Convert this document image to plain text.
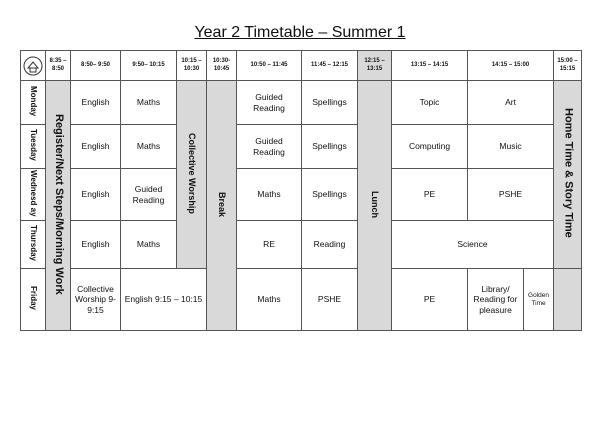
Year 2 Timetable – Summer 1
	8:35 – 8:50	8:50– 9:50	9:50– 10:15	10:15 – 10:30	10:30- 10:45	10:50 – 11:45	11:45 – 12:15	12:15 – 13:15	13:15 – 14:15	14:15 – 15:00		15:00 – 15:15
Monday	Register/Next Steps/Morning Work	English	Maths	Collective Worship	Break	Guided Reading	Spellings	Lunch	Topic	Art		Home Time & Story Time
Tuesday		English	Maths			Guided Reading	Spellings		Computing	Music		
Wednesd ay		English	Guided Reading			Maths	Spellings		PE	PSHE		
Thursday		English	Maths			RE	Reading		Science			
Friday		Collective Worship 9-9:15	English 9:15 – 10:15			Maths	PSHE		PE	Library/ Reading for pleasure	Golden Time	
